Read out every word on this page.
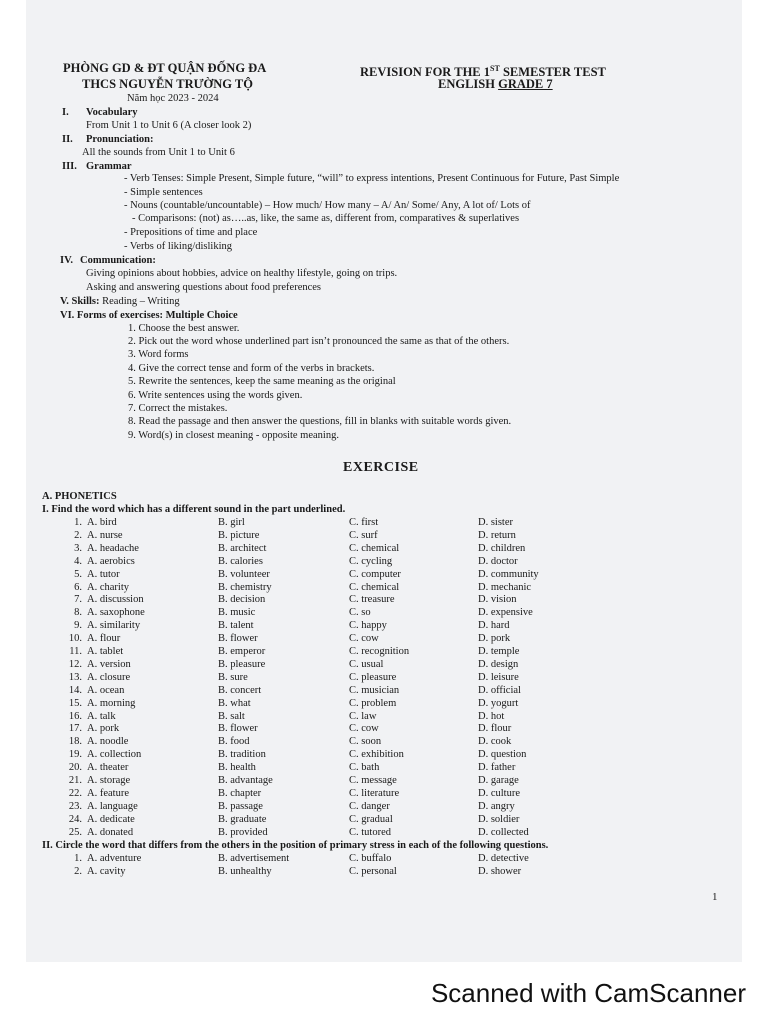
PHÒNG GD & ĐT QUẬN ĐỐNG ĐA
THCS NGUYỄN TRƯỜNG TỘ
Năm học 2023 - 2024
REVISION FOR THE 1ST SEMESTER TEST
ENGLISH GRADE 7
I. Vocabulary
From Unit 1 to Unit 6 (A closer look 2)
II. Pronunciation:
All the sounds from Unit 1 to Unit 6
III. Grammar
- Verb Tenses: Simple Present, Simple future, “will” to express intentions, Present Continuous for Future, Past Simple
- Simple sentences
- Nouns (countable/uncountable) – How much/ How many – A/ An/ Some/ Any, A lot of/ Lots of
- Comparisons: (not) as…..as, like, the same as, different from, comparatives & superlatives
- Prepositions of time and place
- Verbs of liking/disliking
IV. Communication:
Giving opinions about hobbies, advice on healthy lifestyle, going on trips.
Asking and answering questions about food preferences
V. Skills: Reading – Writing
VI. Forms of exercises: Multiple Choice
1. Choose the best answer.
2. Pick out the word whose underlined part isn’t pronounced the same as that of the others.
3. Word forms
4. Give the correct tense and form of the verbs in brackets.
5. Rewrite the sentences, keep the same meaning as the original
6. Write sentences using the words given.
7. Correct the mistakes.
8. Read the passage and then answer the questions, fill in blanks with suitable words given.
9. Word(s) in closest meaning - opposite meaning.
EXERCISE
A. PHONETICS
I. Find the word which has a different sound in the part underlined.
1. A. bird	B. girl	C. first	D. sister
2. A. nurse	B. picture	C. surf	D. return
3. A. headache	B. architect	C. chemical	D. children
4. A. aerobics	B. calories	C. cycling	D. doctor
5. A. tutor	B. volunteer	C. computer	D. community
6. A. charity	B. chemistry	C. chemical	D. mechanic
7. A. discussion	B. decision	C. treasure	D. vision
8. A. saxophone	B. music	C. so	D. expensive
9. A. similarity	B. talent	C. happy	D. hard
10. A. flour	B. flower	C. cow	D. pork
11. A. tablet	B. emperor	C. recognition	D. temple
12. A. version	B. pleasure	C. usual	D. design
13. A. closure	B. sure	C. pleasure	D. leisure
14. A. ocean	B. concert	C. musician	D. official
15. A. morning	B. what	C. problem	D. yogurt
16. A. talk	B. salt	C. law	D. hot
17. A. pork	B. flower	C. cow	D. flour
18. A. noodle	B. food	C. soon	D. cook
19. A. collection	B. tradition	C. exhibition	D. question
20. A. theater	B. health	C. bath	D. father
21. A. storage	B. advantage	C. message	D. garage
22. A. feature	B. chapter	C. literature	D. culture
23. A. language	B. passage	C. danger	D. angry
24. A. dedicate	B. graduate	C. gradual	D. soldier
25. A. donated	B. provided	C. tutored	D. collected
II. Circle the word that differs from the others in the position of primary stress in each of the following questions.
1. A. adventure	B. advertisement	C. buffalo	D. detective
2. A. cavity	B. unhealthy	C. personal	D. shower
1
Scanned with CamScanner
